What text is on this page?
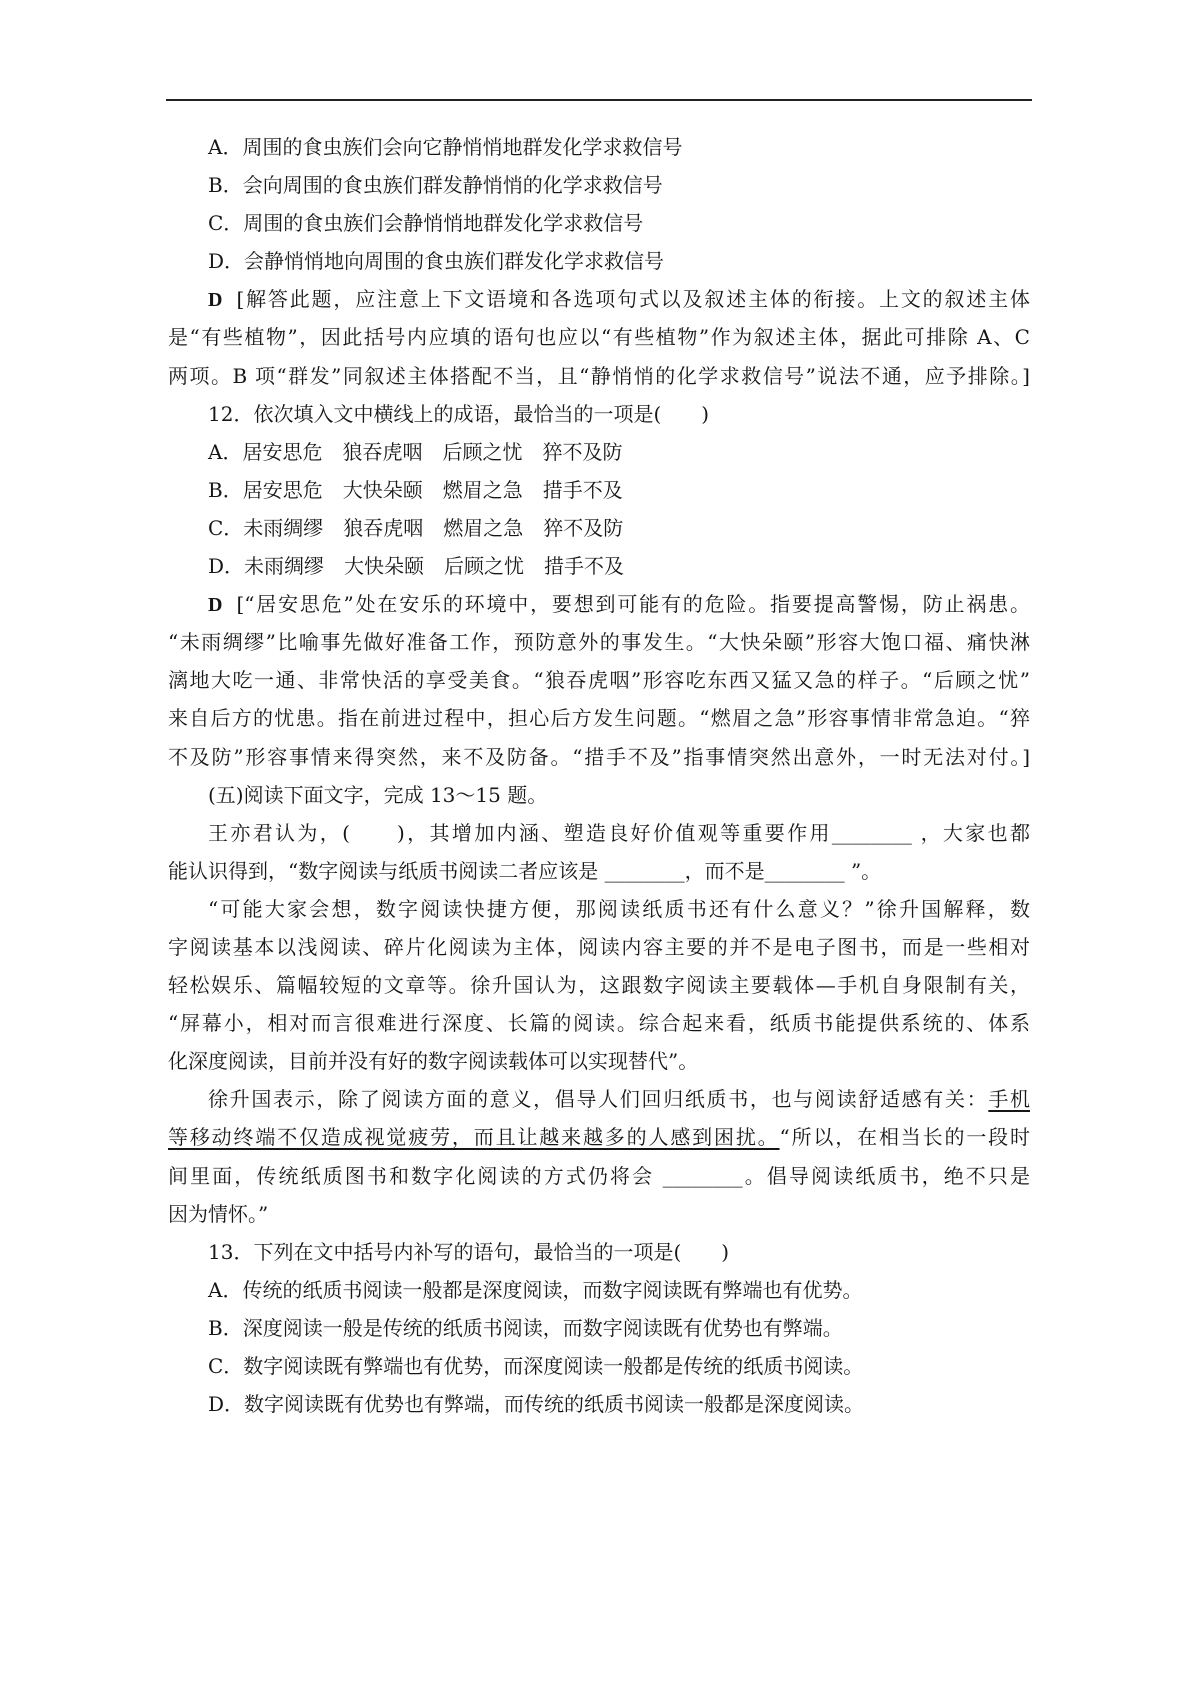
A．周围的食虫族们会向它静悄悄地群发化学求救信号
B．会向周围的食虫族们群发静悄悄的化学求救信号
C．周围的食虫族们会静悄悄地群发化学求救信号
D．会静悄悄地向周围的食虫族们群发化学求救信号
D [解答此题，应注意上下文语境和各选项句式以及叙述主体的衔接。上文的叙述主体
是“有些植物”，因此括号内应填的语句也应以“有些植物”作为叙述主体，据此可排除 A、C
两项。B 项“群发”同叙述主体搭配不当，且“静悄悄的化学求救信号”说法不通，应予排除。]
12．依次填入文中横线上的成语，最恰当的一项是(　　)
A．居安思危　狼吞虎咽　后顾之忧　猝不及防
B．居安思危　大快朵颐　燃眉之急　措手不及
C．未雨绸缪　狼吞虎咽　燃眉之急　猝不及防
D．未雨绸缪　大快朵颐　后顾之忧　措手不及
D [“居安思危”处在安乐的环境中，要想到可能有的危险。指要提高警惕，防止祸患。
“未雨绸缪”比喻事先做好准备工作，预防意外的事发生。“大快朵颐”形容大饱口福、痛快淋
漓地大吃一通、非常快活的享受美食。“狼吞虎咽”形容吃东西又猛又急的样子。“后顾之忧”
来自后方的忧患。指在前进过程中，担心后方发生问题。“燃眉之急”形容事情非常急迫。“猝
不及防”形容事情来得突然，来不及防备。“措手不及”指事情突然出意外，一时无法对付。]
(五)阅读下面文字，完成 13～15 题。
王亦君认为，(　　)，其增加内涵、塑造良好价值观等重要作用________ ，大家也都
能认识得到，“数字阅读与纸质书阅读二者应该是 ________，而不是________ ”。
“可能大家会想，数字阅读快捷方便，那阅读纸质书还有什么意义？”徐升国解释，数
字阅读基本以浅阅读、碎片化阅读为主体，阅读内容主要的并不是电子图书，而是一些相对
轻松娱乐、篇幅较短的文章等。徐升国认为，这跟数字阅读主要载体—手机自身限制有关，
“屏幕小，相对而言很难进行深度、长篇的阅读。综合起来看，纸质书能提供系统的、体系
化深度阅读，目前并没有好的数字阅读载体可以实现替代”。
徐升国表示，除了阅读方面的意义，倡导人们回归纸质书，也与阅读舒适感有关：手机
等移动终端不仅造成视觉疲劳，而且让越来越多的人感到困扰。“所以，在相当长的一段时
间里面，传统纸质图书和数字化阅读的方式仍将会 ________。倡导阅读纸质书，绝不只是
因为情怀。”
13．下列在文中括号内补写的语句，最恰当的一项是(　　)
A．传统的纸质书阅读一般都是深度阅读，而数字阅读既有弊端也有优势。
B．深度阅读一般是传统的纸质书阅读，而数字阅读既有优势也有弊端。
C．数字阅读既有弊端也有优势，而深度阅读一般都是传统的纸质书阅读。
D．数字阅读既有优势也有弊端，而传统的纸质书阅读一般都是深度阅读。
